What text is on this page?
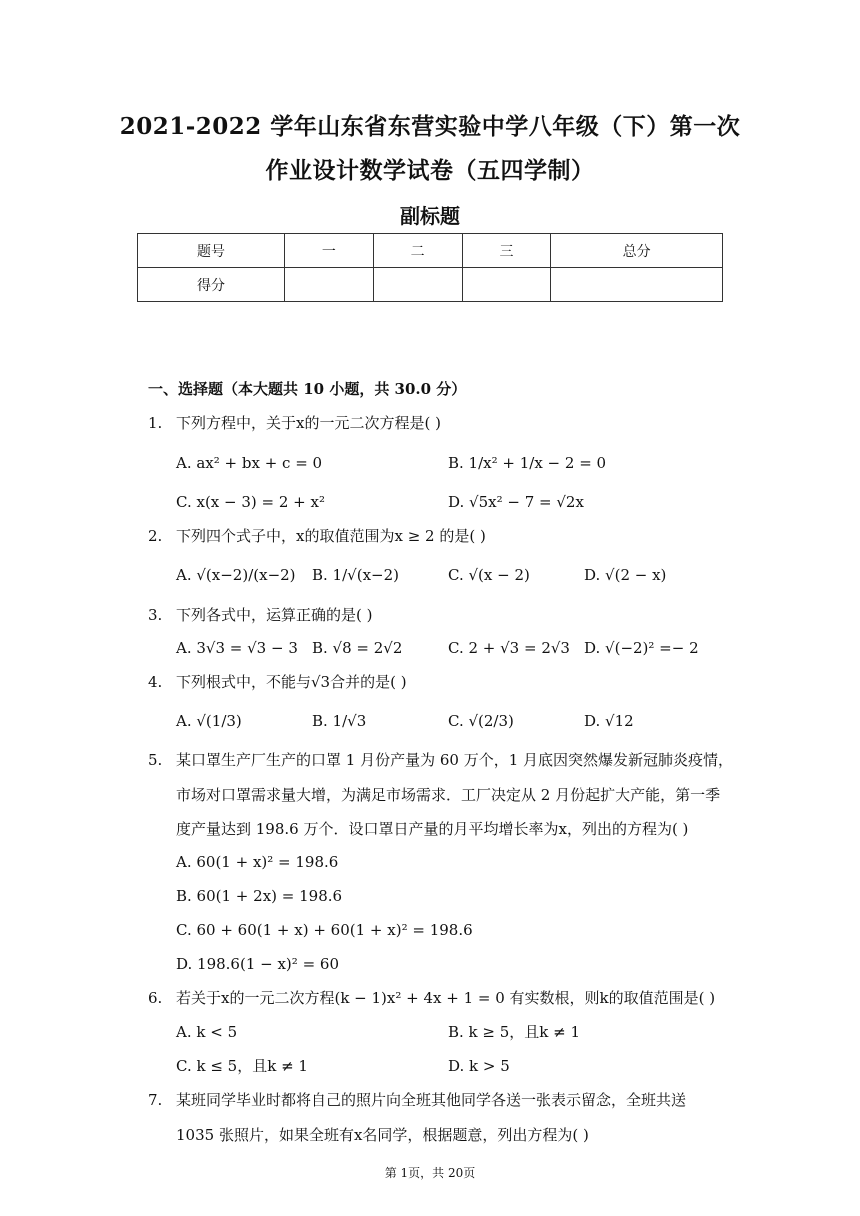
2021-2022 学年山东省东营实验中学八年级（下）第一次
作业设计数学试卷（五四学制）
副标题
题号	一	二	三	总分
得分				
一、选择题（本大题共 10 小题，共 30.0 分）
1. 下列方程中，关于x的一元二次方程是( )
A. ax² + bx + c = 0	B. 1/x² + 1/x − 2 = 0
C. x(x − 3) = 2 + x²	D. √5x² − 7 = √2x
2. 下列四个式子中，x的取值范围为x ≥ 2 的是( )
A. √(x−2)/(x−2) B. 1/√(x−2)	C. √(x − 2)	D. √(2 − x)
3. 下列各式中，运算正确的是( )
A. 3√3 = √3 − 3 B. √8 = 2√2	C. 2 + √3 = 2√3 D. √(−2)² =− 2
4. 下列根式中，不能与√3合并的是( )
A. √(1/3)	B. 1/√3	C. √(2/3)	D. √12
5. 某口罩生产厂生产的口罩 1 月份产量为 60 万个，1 月底因突然爆发新冠肺炎疫情，
市场对口罩需求量大增，为满足市场需求．工厂决定从 2 月份起扩大产能，第一季
度产量达到 198.6 万个．设口罩日产量的月平均增长率为x，列出的方程为( )
A. 60(1 + x)² = 198.6
B. 60(1 + 2x) = 198.6
C. 60 + 60(1 + x) + 60(1 + x)² = 198.6
D. 198.6(1 − x)² = 60
6. 若关于x的一元二次方程(k − 1)x² + 4x + 1 = 0 有实数根，则k的取值范围是( )
A. k < 5	B. k ≥ 5，且k ≠ 1
C. k ≤ 5，且k ≠ 1	D. k > 5
7. 某班同学毕业时都将自己的照片向全班其他同学各送一张表示留念，全班共送
1035 张照片，如果全班有x名同学，根据题意，列出方程为( )
第 1页，共 20页
